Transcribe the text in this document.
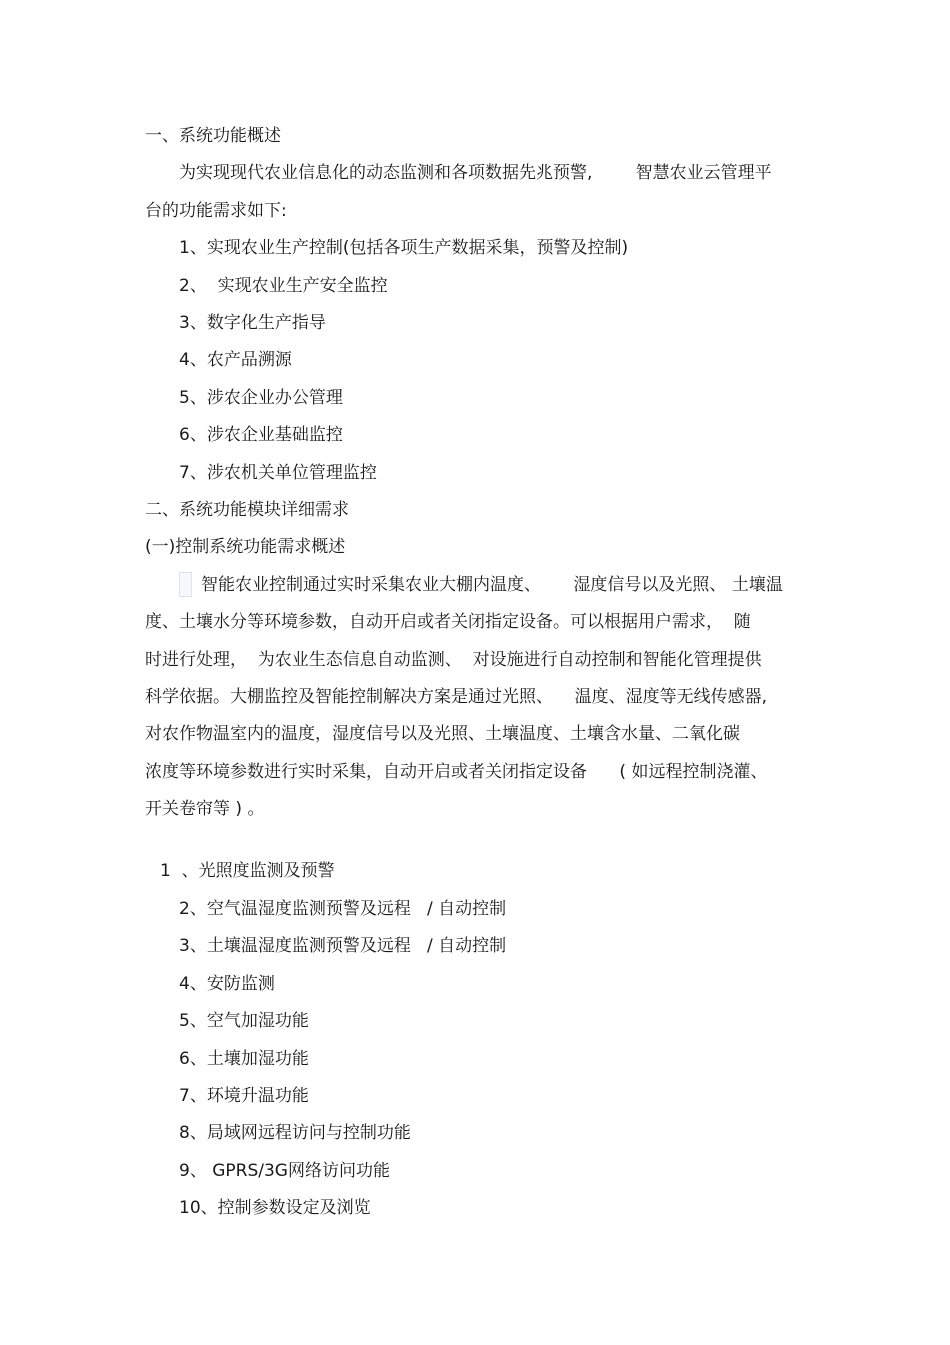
一、系统功能概述
为实现现代农业信息化的动态监测和各项数据先兆预警,        智慧农业云管理平
台的功能需求如下:
1、实现农业生产控制(包括各项生产数据采集，预警及控制)
2、  实现农业生产安全监控
3、数字化生产指导
4、农产品溯源
5、涉农企业办公管理
6、涉农企业基础监控
7、涉农机关单位管理监控
二、系统功能模块详细需求
(一)控制系统功能需求概述
智能农业控制通过实时采集农业大棚内温度、      湿度信号以及光照、 土壤温
度、土壤水分等环境参数，自动开启或者关闭指定设备。可以根据用户需求，  随
时进行处理，  为农业生态信息自动监测、  对设施进行自动控制和智能化管理提供
科学依据。大棚监控及智能控制解决方案是通过光照、    温度、湿度等无线传感器,
对农作物温室内的温度，湿度信号以及光照、土壤温度、土壤含水量、二氧化碳
浓度等环境参数进行实时采集，自动开启或者关闭指定设备      ( 如远程控制浇灌、
开关卷帘等 ) 。
1  、光照度监测及预警
2、空气温湿度监测预警及远程   / 自动控制
3、土壤温湿度监测预警及远程   / 自动控制
4、安防监测
5、空气加湿功能
6、土壤加湿功能
7、环境升温功能
8、局域网远程访问与控制功能
9、 GPRS/3G网络访问功能
10、控制参数设定及浏览
